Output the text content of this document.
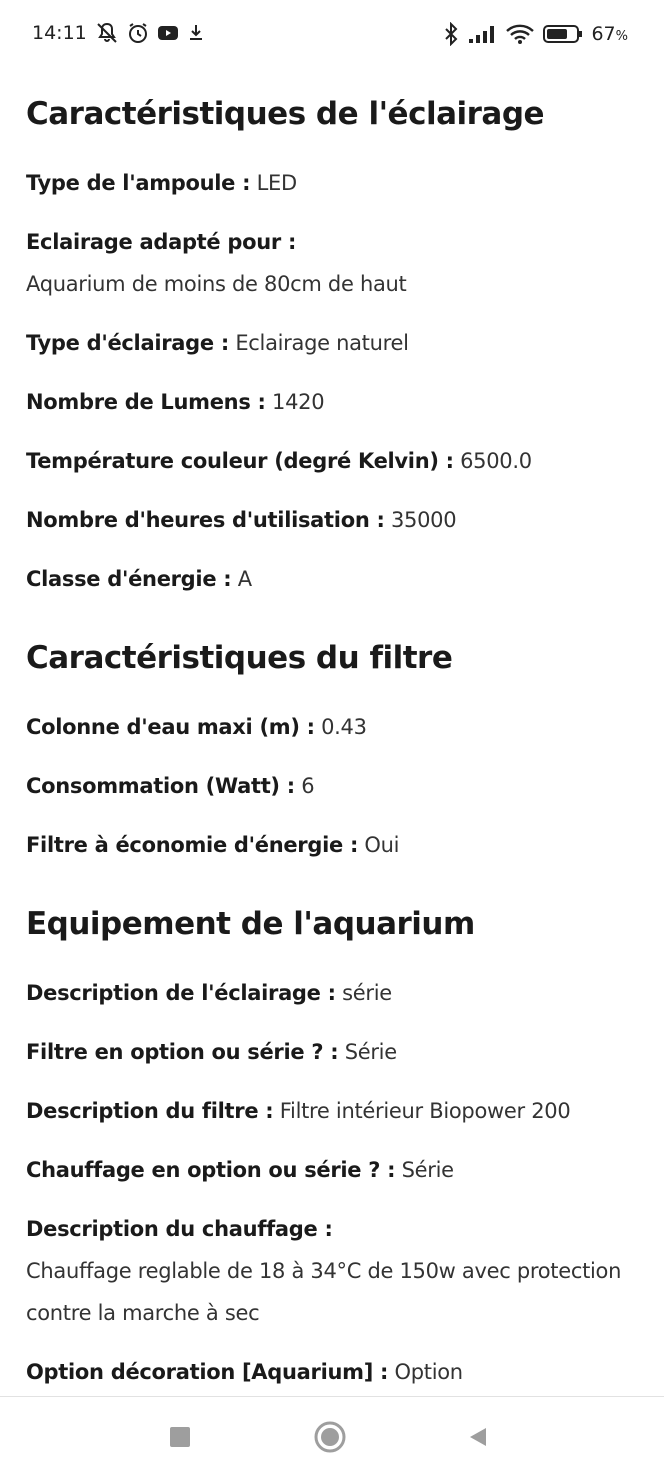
14:11	67%
Caractéristiques de l'éclairage
Type de l'ampoule : LED
Eclairage adapté pour :
Aquarium de moins de 80cm de haut
Type d'éclairage : Eclairage naturel
Nombre de Lumens : 1420
Température couleur (degré Kelvin) : 6500.0
Nombre d'heures d'utilisation : 35000
Classe d'énergie : A
Caractéristiques du filtre
Colonne d'eau maxi (m) : 0.43
Consommation (Watt) : 6
Filtre à économie d'énergie : Oui
Equipement de l'aquarium
Description de l'éclairage : série
Filtre en option ou série ? : Série
Description du filtre : Filtre intérieur Biopower 200
Chauffage en option ou série ? : Série
Description du chauffage :
Chauffage reglable de 18 à 34°C de 150w avec protection contre la marche à sec
Option décoration [Aquarium] : Option
